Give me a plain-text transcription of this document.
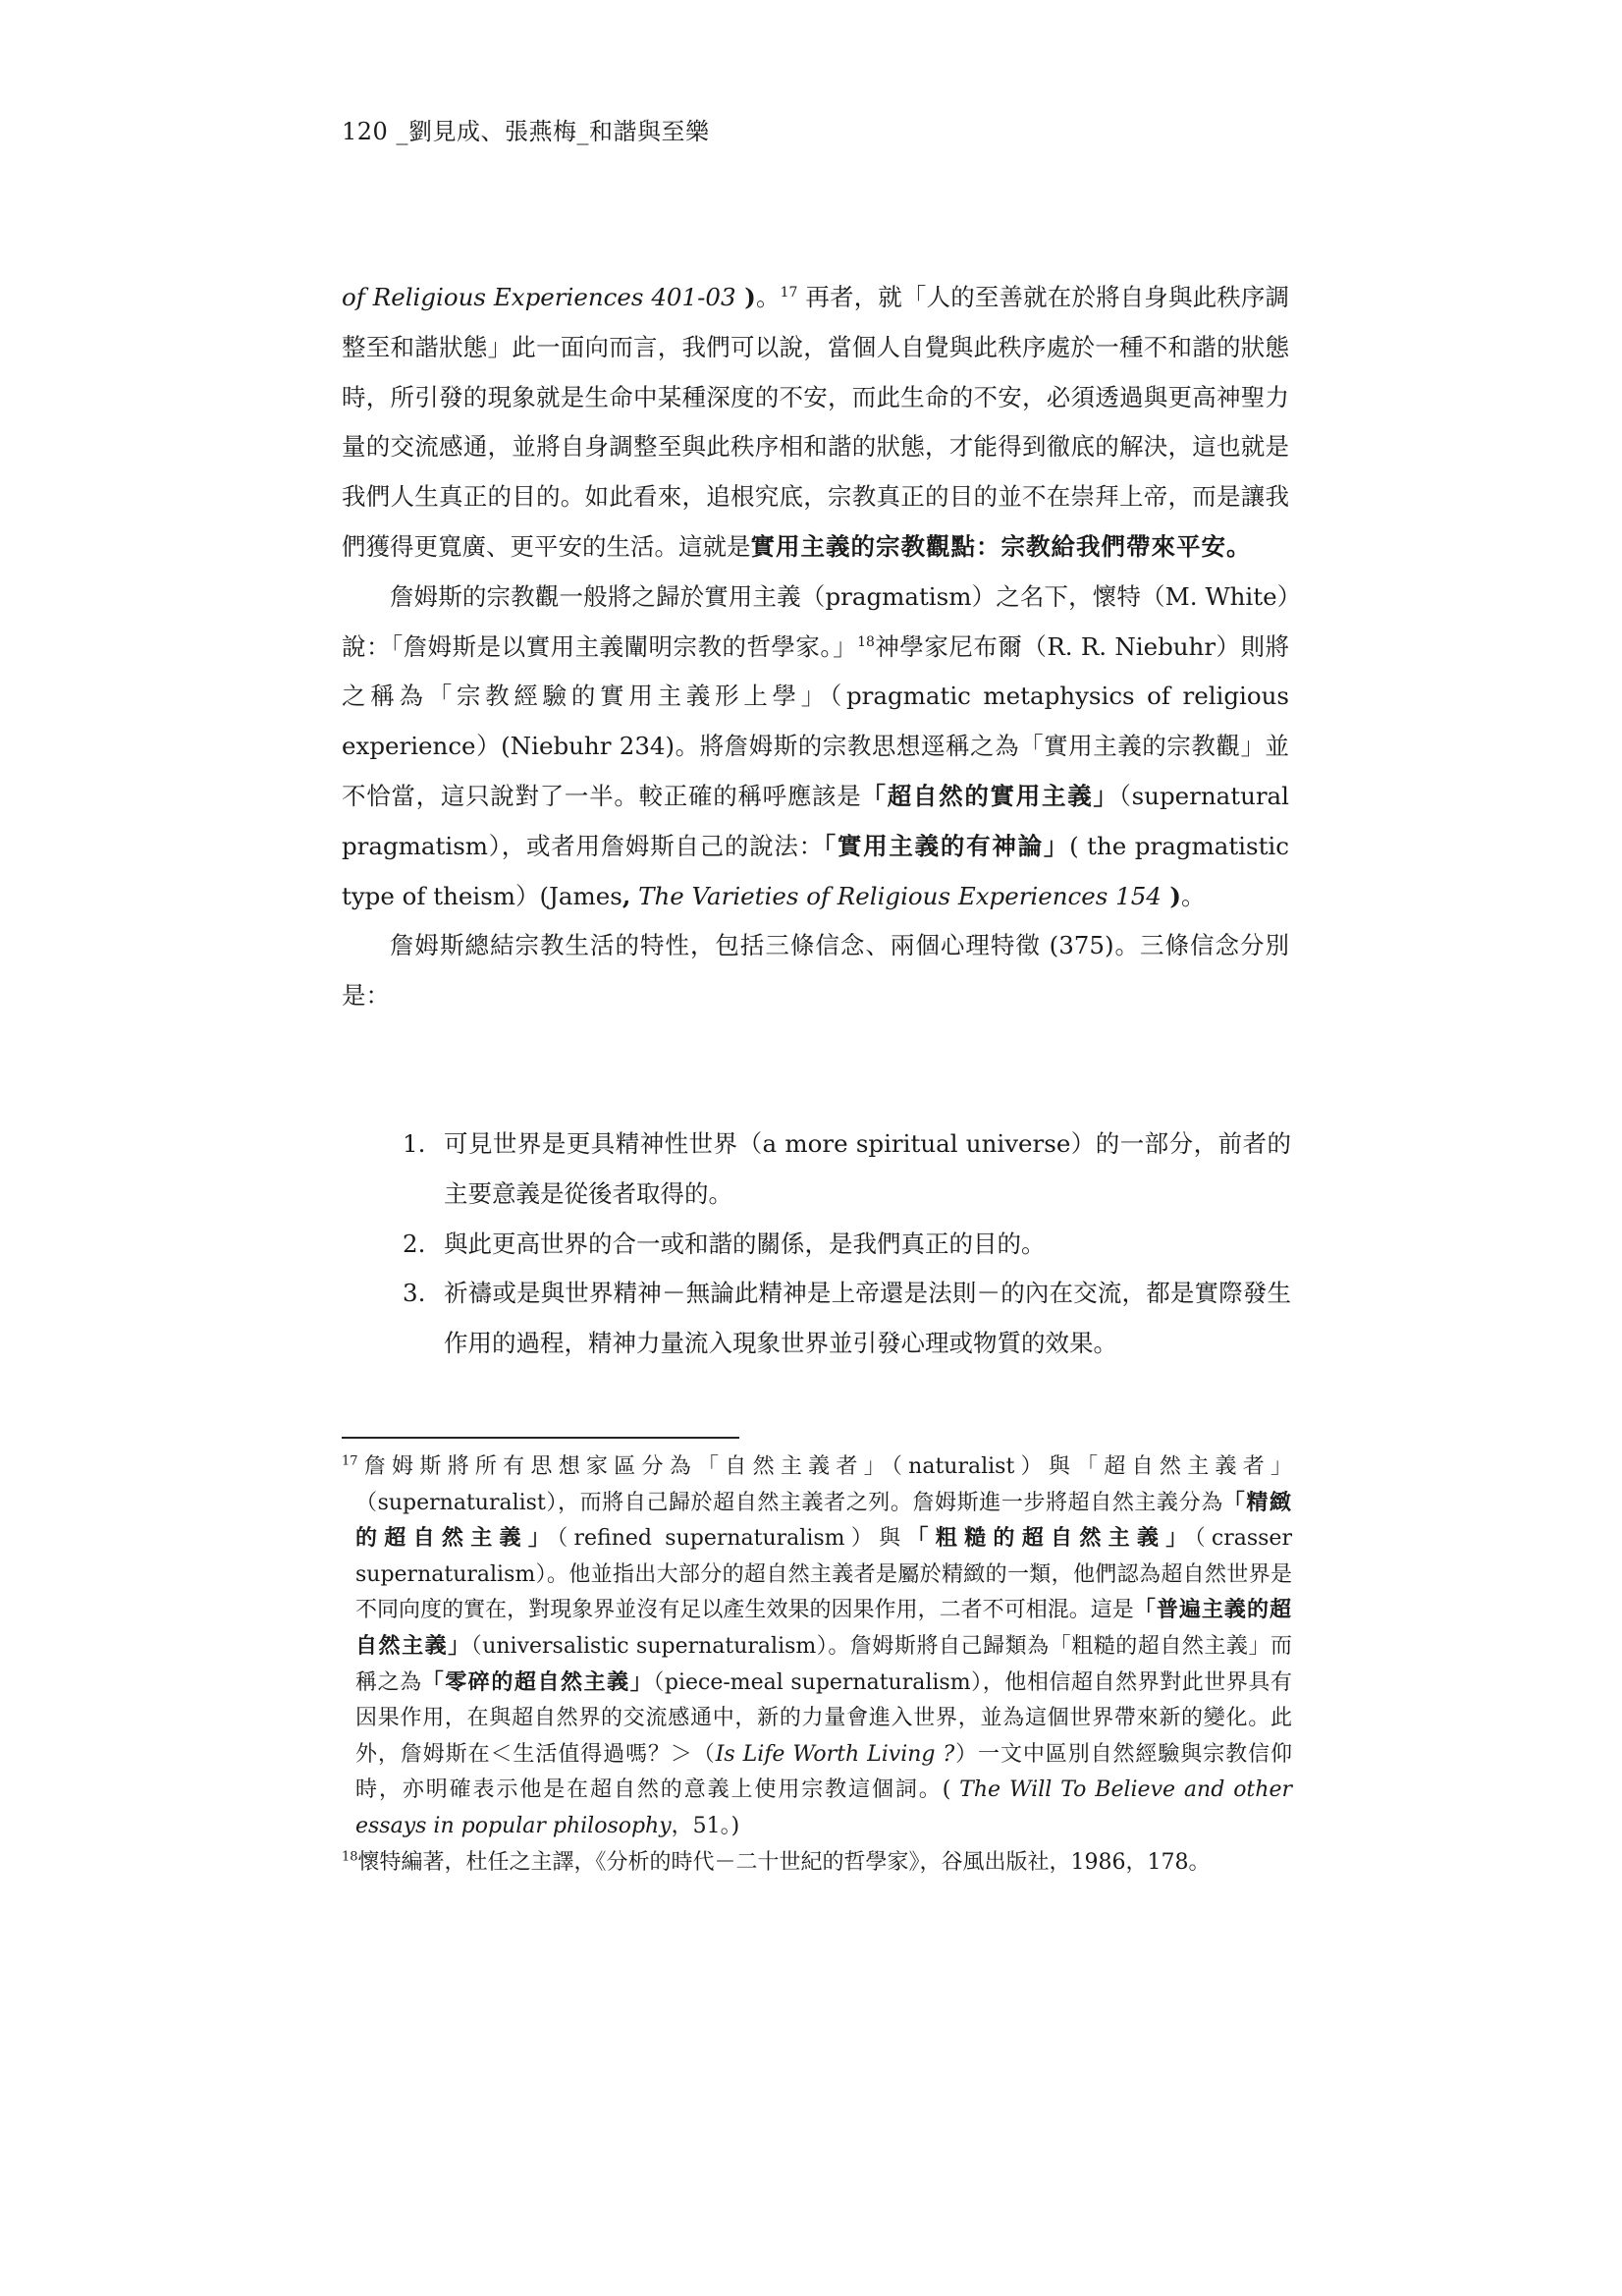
120 _劉見成、張燕梅_和諧與至樂

of Religious Experiences 401-03 )。$^{17}$ 再者，就「人的至善就在於將自身與此秩序調整至和諧狀態」此一面向而言，我們可以說，當個人自覺與此秩序處於一種不和諧的狀態時，所引發的現象就是生命中某種深度的不安，而此生命的不安，必須透過與更高神聖力量的交流感通，並將自身調整至與此秩序相和諧的狀態，才能得到徹底的解決，這也就是我們人生真正的目的。如此看來，追根究底，宗教真正的目的並不在崇拜上帝，而是讓我們獲得更寬廣、更平安的生活。這就是實用主義的宗教觀點：宗教給我們帶來平安。

詹姆斯的宗教觀一般將之歸於實用主義（pragmatism）之名下，懷特（M. White）說：「詹姆斯是以實用主義闡明宗教的哲學家。」$^{18}$神學家尼布爾（R. R. Niebuhr）則將之稱為「宗教經驗的實用主義形上學」（pragmatic metaphysics of religious experience）(Niebuhr 234)。將詹姆斯的宗教思想逕稱之為「實用主義的宗教觀」並不恰當，這只說對了一半。較正確的稱呼應該是「超自然的實用主義」（supernatural pragmatism），或者用詹姆斯自己的說法：「實用主義的有神論」( the pragmatistic type of theism）(James, The Varieties of Religious Experiences 154 )。

詹姆斯總結宗教生活的特性，包括三條信念、兩個心理特徵 (375)。三條信念分別是：

1. 可見世界是更具精神性世界（a more spiritual universe）的一部分，前者的主要意義是從後者取得的。
2. 與此更高世界的合一或和諧的關係，是我們真正的目的。
3. 祈禱或是與世界精神－無論此精神是上帝還是法則－的內在交流，都是實際發生作用的過程，精神力量流入現象世界並引發心理或物質的效果。

$^{17}$詹姆斯將所有思想家區分為「自然主義者」（naturalist）與「超自然主義者」（supernaturalist），而將自己歸於超自然主義者之列。詹姆斯進一步將超自然主義分為「精緻的超自然主義」（refined supernaturalism）與「粗糙的超自然主義」（crasser supernaturalism）。他並指出大部分的超自然主義者是屬於精緻的一類，他們認為超自然世界是不同向度的實在，對現象界並沒有足以產生效果的因果作用，二者不可相混。這是「普遍主義的超自然主義」（universalistic supernaturalism）。詹姆斯將自己歸類為「粗糙的超自然主義」而稱之為「零碎的超自然主義」（piece-meal supernaturalism），他相信超自然界對此世界具有因果作用，在與超自然界的交流感通中，新的力量會進入世界，並為這個世界帶來新的變化。此外，詹姆斯在＜生活值得過嗎？＞（Is Life Worth Living ?）一文中區別自然經驗與宗教信仰時，亦明確表示他是在超自然的意義上使用宗教這個詞。( The Will To Believe and other essays in popular philosophy，51。)

$^{18}$懷特編著，杜任之主譯，《分析的時代－二十世紀的哲學家》，谷風出版社，1986，178。
